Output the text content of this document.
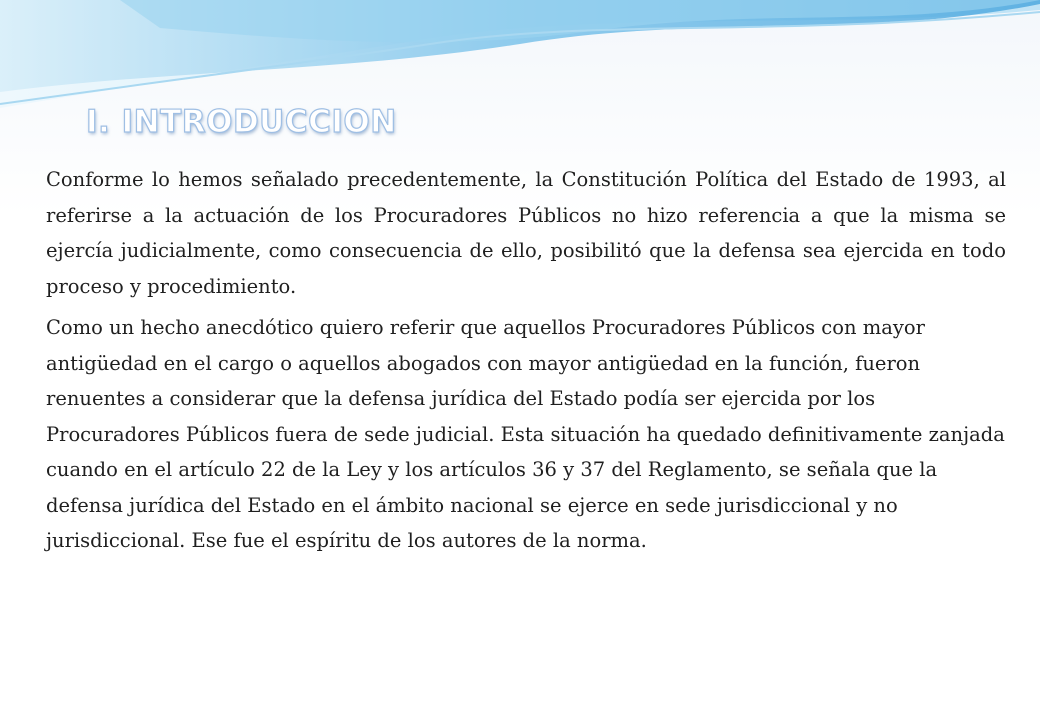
I. INTRODUCCION

Conforme lo hemos señalado precedentemente, la Constitución Política del Estado de 1993, al referirse a la actuación de los Procuradores Públicos no hizo referencia a que la misma se ejercía judicialmente, como consecuencia de ello, posibilitó que la defensa sea ejercida en todo proceso y procedimiento.

Como un hecho anecdótico quiero referir que aquellos Procuradores Públicos con mayor antigüedad en el cargo o aquellos abogados con mayor antigüedad en la función, fueron renuentes a considerar que la defensa jurídica del Estado podía ser ejercida por los Procuradores Públicos fuera de sede judicial. Esta situación ha quedado definitivamente zanjada cuando en el artículo 22 de la Ley y los artículos 36 y 37 del Reglamento, se señala que la defensa jurídica del Estado en el ámbito nacional se ejerce en sede jurisdiccional y no jurisdiccional. Ese fue el espíritu de los autores de la norma.
